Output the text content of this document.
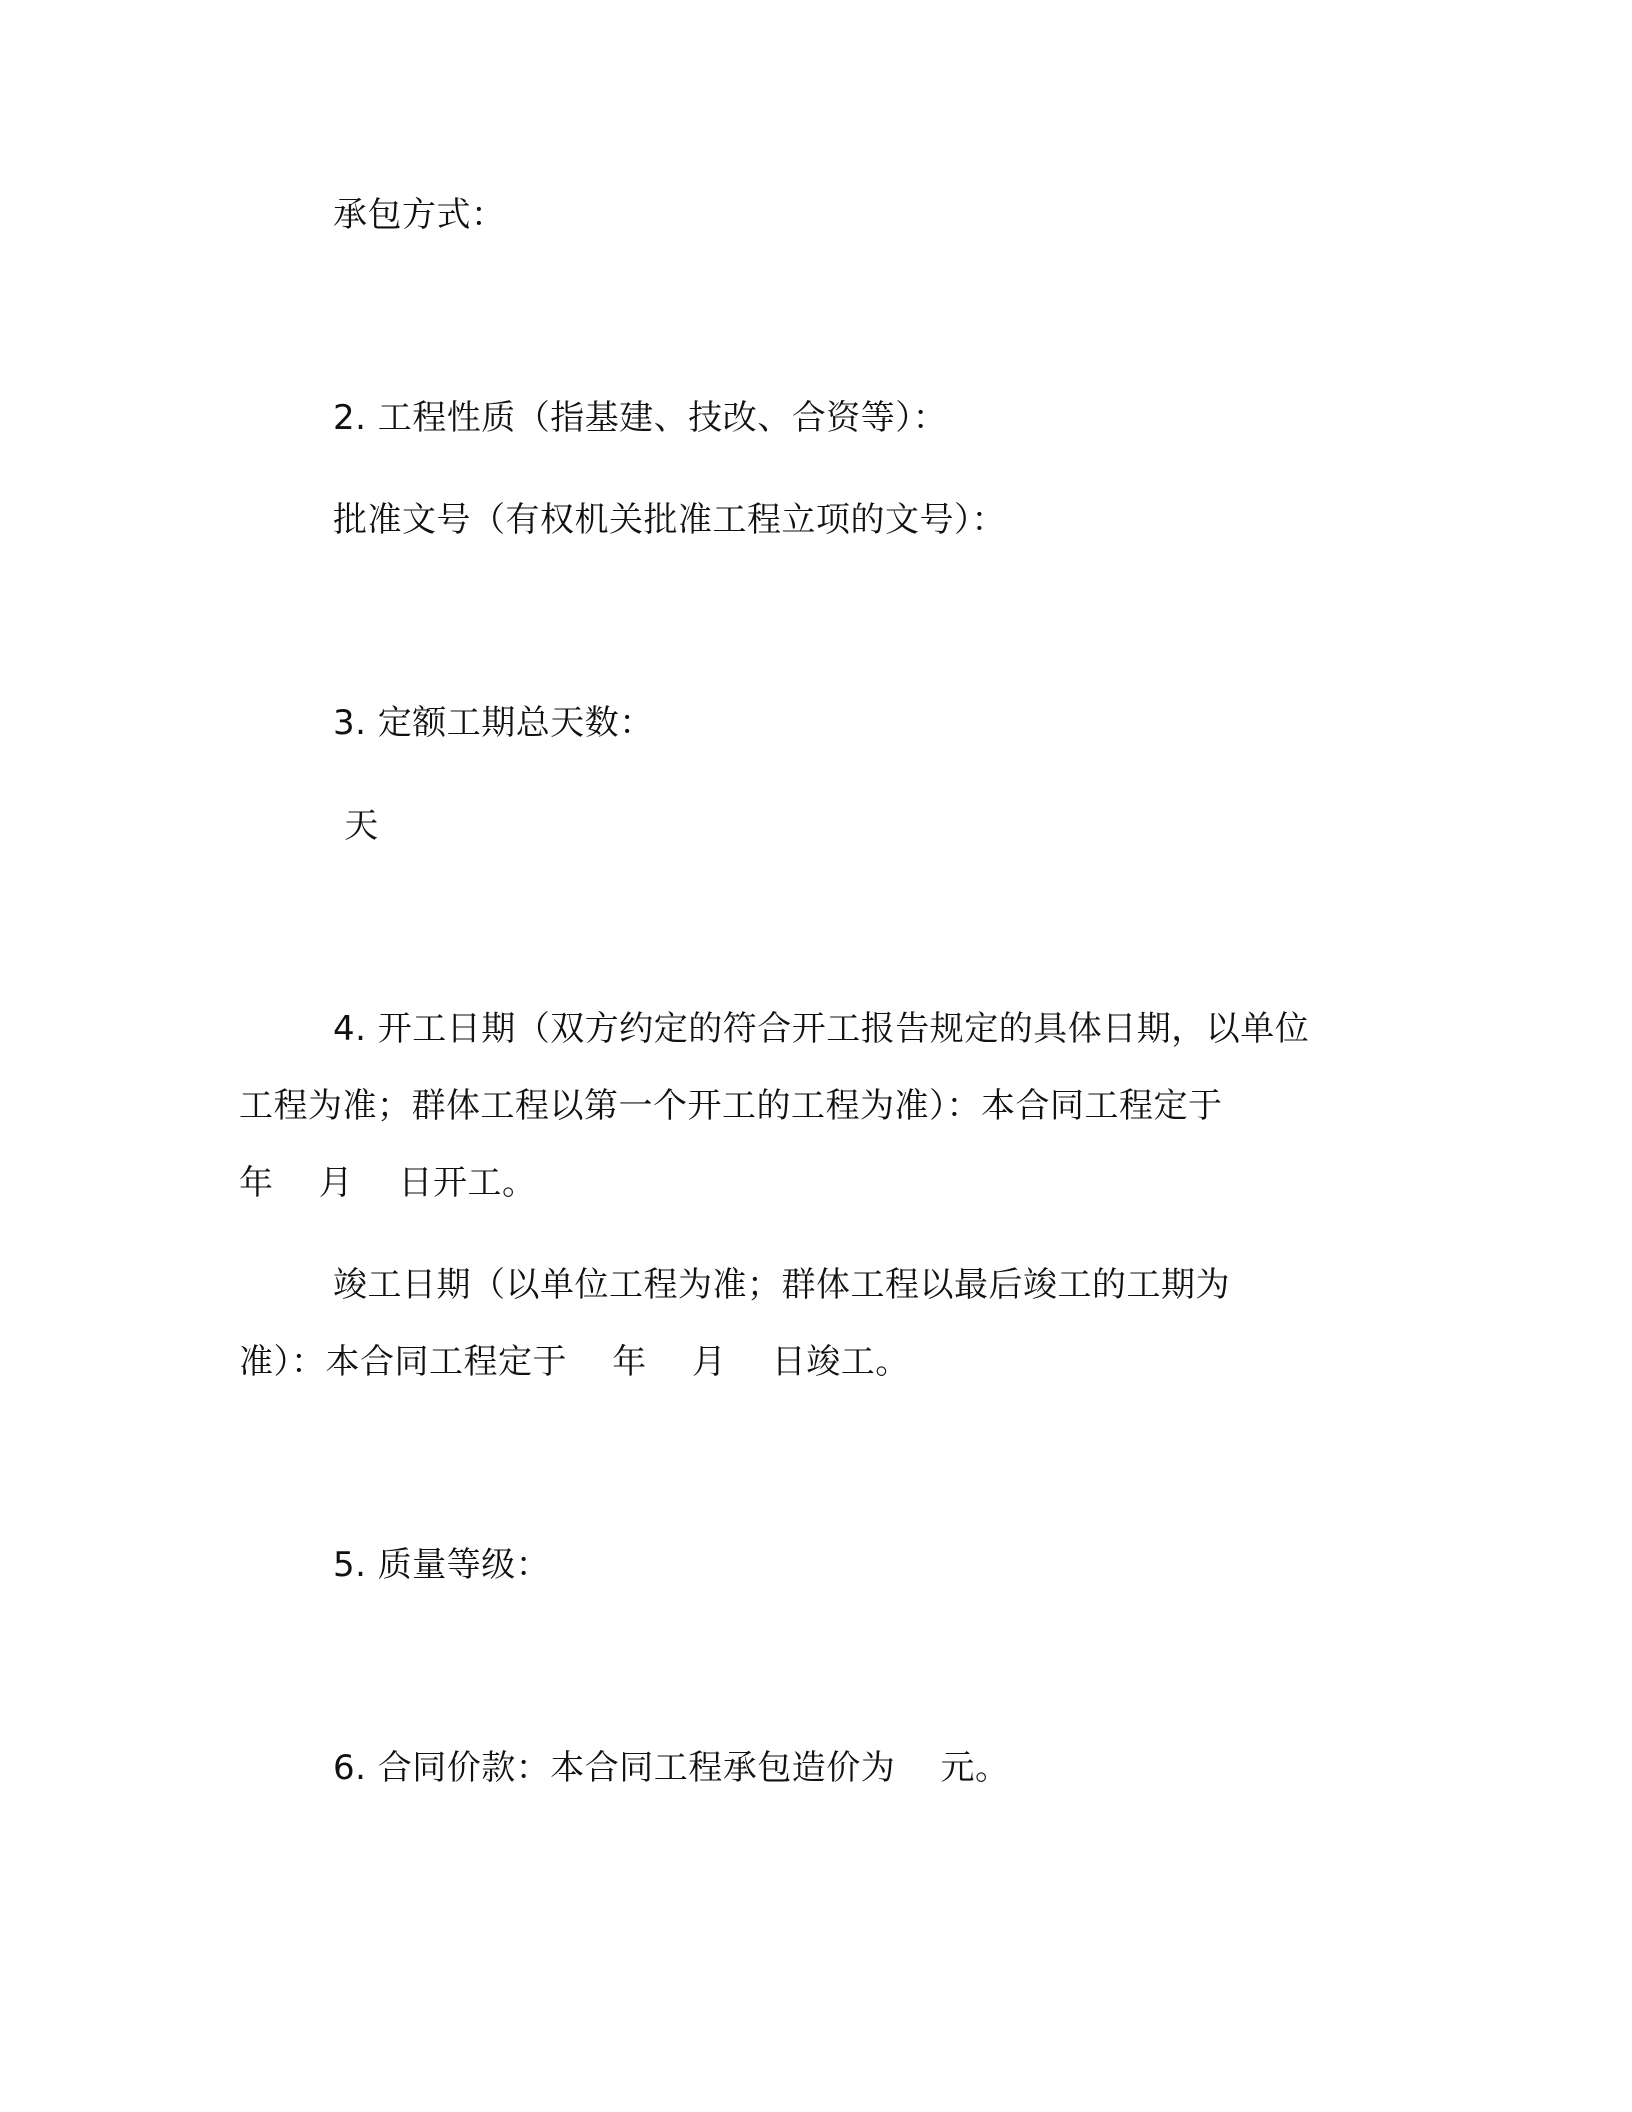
承包方式：

2. 工程性质（指基建、技改、合资等）：

批准文号（有权机关批准工程立项的文号）：

3. 定额工期总天数：

天

4. 开工日期（双方约定的符合开工报告规定的具体日期，以单位

工程为准；群体工程以第一个开工的工程为准）：本合同工程定于

年    月    日开工。

竣工日期（以单位工程为准；群体工程以最后竣工的工期为

准）：本合同工程定于    年    月    日竣工。

5. 质量等级：

6. 合同价款：本合同工程承包造价为    元。
